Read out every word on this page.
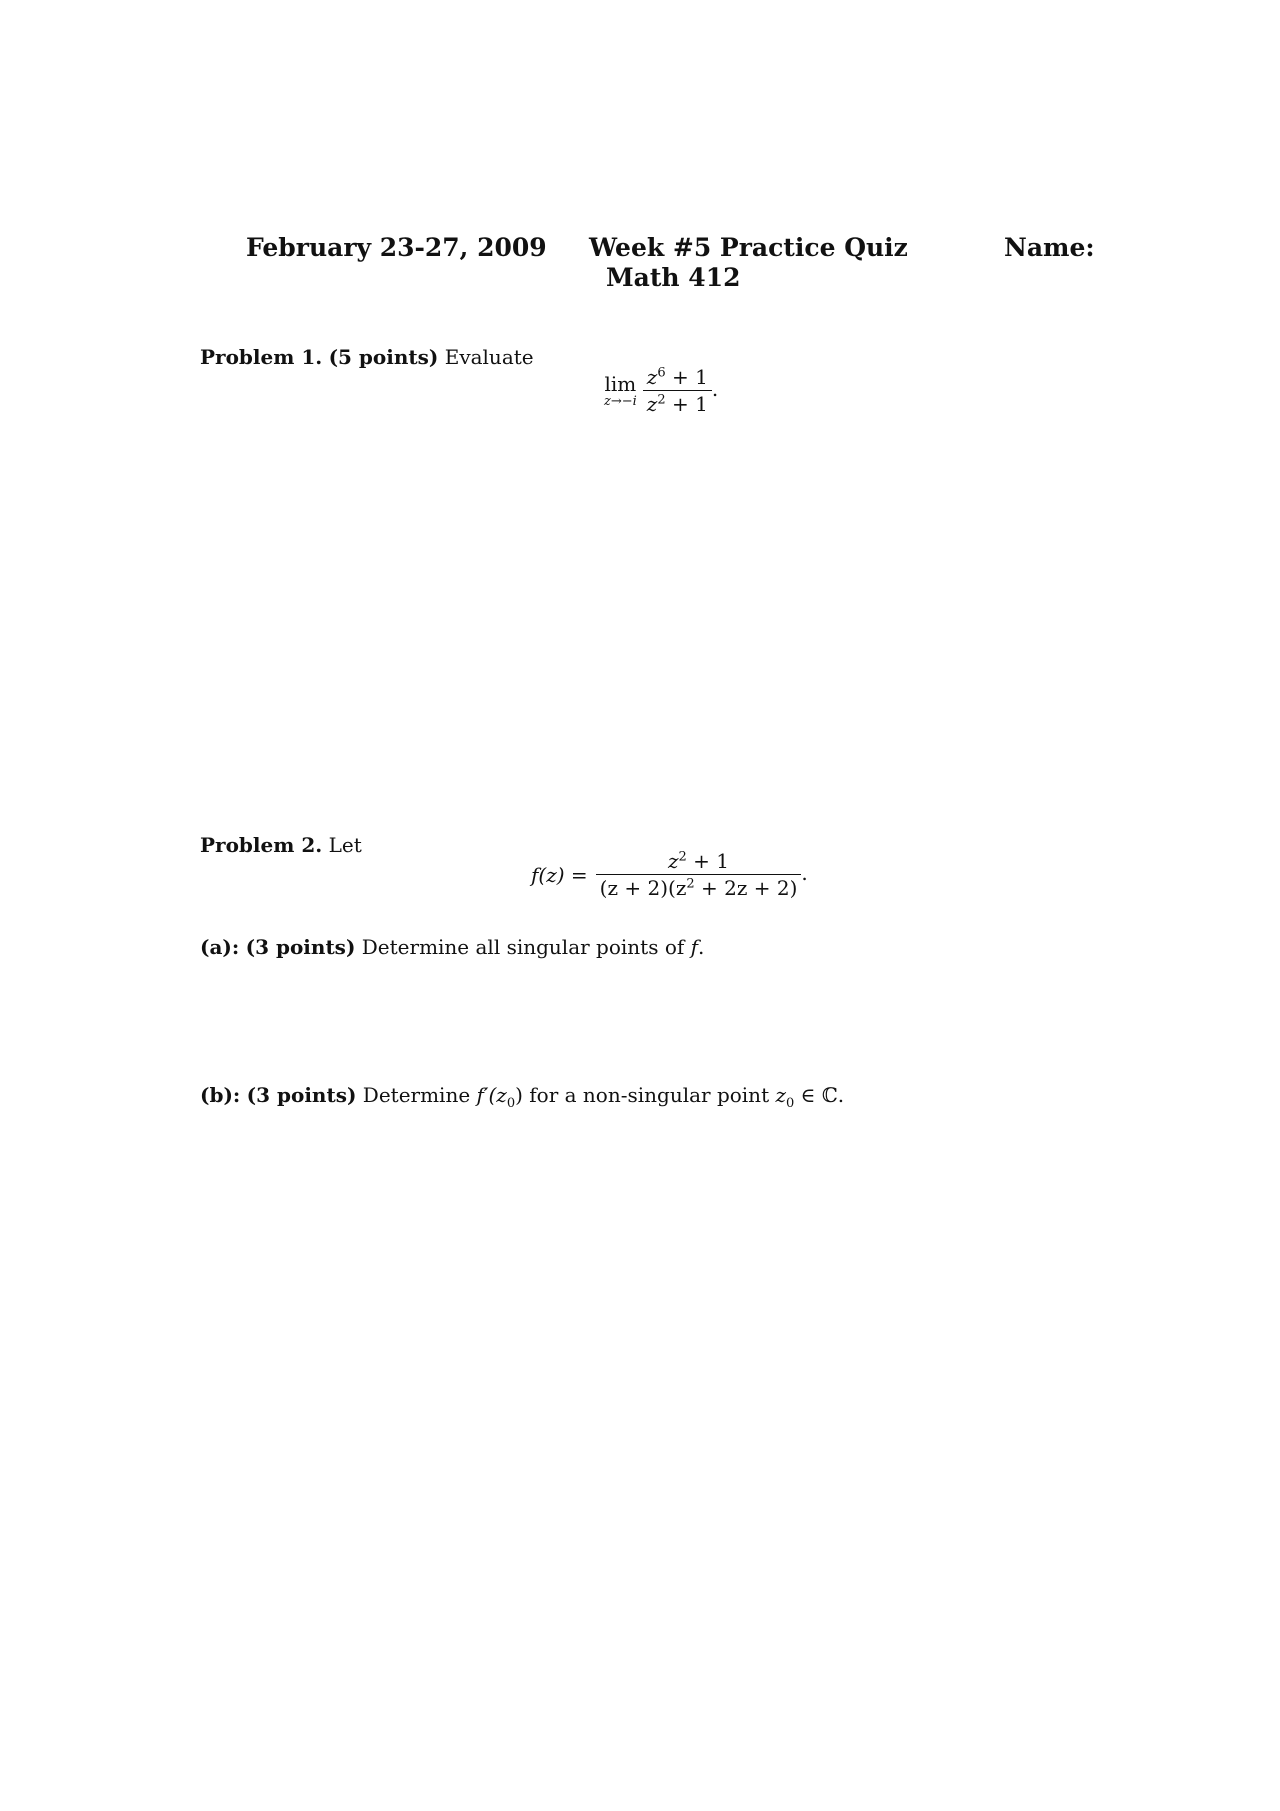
February 23-27, 2009 Week #5 Practice Quiz
Math 412
Name:
Problem 1. (5 points) Evaluate
lim
$z\to-i \frac{z^6 + 1}{z^2 + 1}$ .
Problem 2. Let
$f(z) = \frac{z^2 + 1}{(z + 2)(z^2 + 2z + 2)}$ .
(a): (3 points) Determine all singular points of f.
(b): (3 points) Determine $f'(z_0)$ for a non-singular point $z_0$ ∈ ℂ.
